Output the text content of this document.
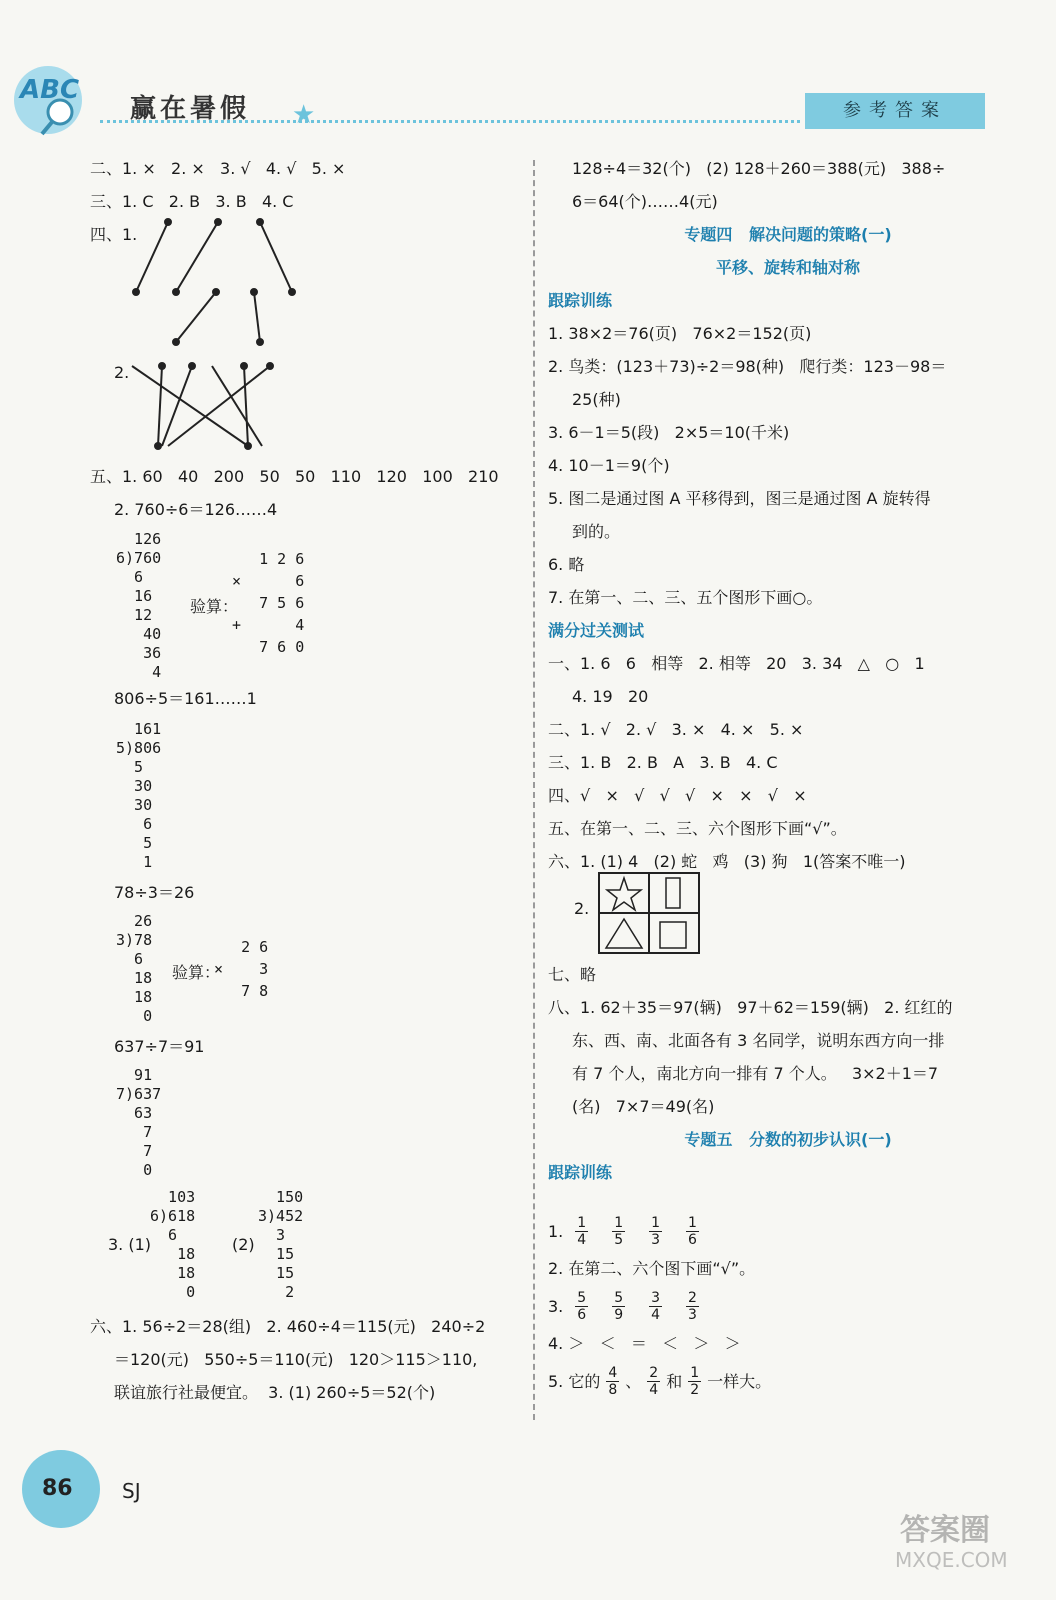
ABC
赢在暑假 ★	参考答案
二、1. ×   2. ×   3. √   4. √   5. ×
三、1. C   2. B   3. B   4. C
四、1.
2.
五、1. 60   40   200   50   50   110   120   100   210
2. 760÷6＝126……4
126
6)760
6
16
12
40
36
4
验算：
1 2 6
×      6
7 5 6
+      4
7 6 0
806÷5＝161……1
161
5)806
5
30
30
6
5
1
78÷3＝26
26
3)78
6
18
18
0
验算：
2 6
×    3
7 8
637÷7＝91
91
7)637
63
7
7
0
3. (1)
103
6)618
6
18
18
0
(2)
150
3)452
3
15
15
2
六、1. 56÷2＝28(组)   2. 460÷4＝115(元)   240÷2
＝120(元)   550÷5＝110(元)   120＞115＞110,
联谊旅行社最便宜。  3. (1) 260÷5＝52(个)
128÷4＝32(个)   (2) 128＋260＝388(元)   388÷
6＝64(个)……4(元)
专题四   解决问题的策略(一)
平移、旋转和轴对称
跟踪训练
1. 38×2＝76(页)   76×2＝152(页)
2. 鸟类：(123＋73)÷2＝98(种)   爬行类：123－98＝
25(种)
3. 6－1＝5(段)   2×5＝10(千米)
4. 10－1＝9(个)
5. 图二是通过图 A 平移得到，图三是通过图 A 旋转得
到的。
6. 略
7. 在第一、二、三、五个图形下画○。
满分过关测试
一、1. 6   6   相等   2. 相等   20   3. 34   △   ○   1
4. 19   20
二、1. √   2. √   3. ×   4. ×   5. ×
三、1. B   2. B   A   3. B   4. C
四、√   ×   √   √   √   ×   ×   √   ×
五、在第一、二、三、六个图形下画“√”。
六、1. (1) 4   (2) 蛇   鸡   (3) 狗   1(答案不唯一)
2.
七、略
八、1. 62＋35＝97(辆)   97＋62＝159(辆)   2. 红红的
东、西、南、北面各有 3 名同学，说明东西方向一排
有 7 个人，南北方向一排有 7 个人。   3×2＋1＝7
(名)   7×7＝49(名)
专题五   分数的初步认识(一)
跟踪训练
1. $\frac{1}{4} \frac{1}{5} \frac{1}{3} \frac{1}{6}$
2. 在第二、六个图下画“√”。
3. $\frac{5}{6} \frac{5}{9} \frac{3}{4} \frac{2}{3}$
4. ＞   ＜   ＝   ＜   ＞   ＞
5. 它的 $\frac{4}{8}$ 、 $\frac{2}{4}$ 和 $\frac{1}{2}$ 一样大。
86 SJ
答案圈
MXQE.COM
